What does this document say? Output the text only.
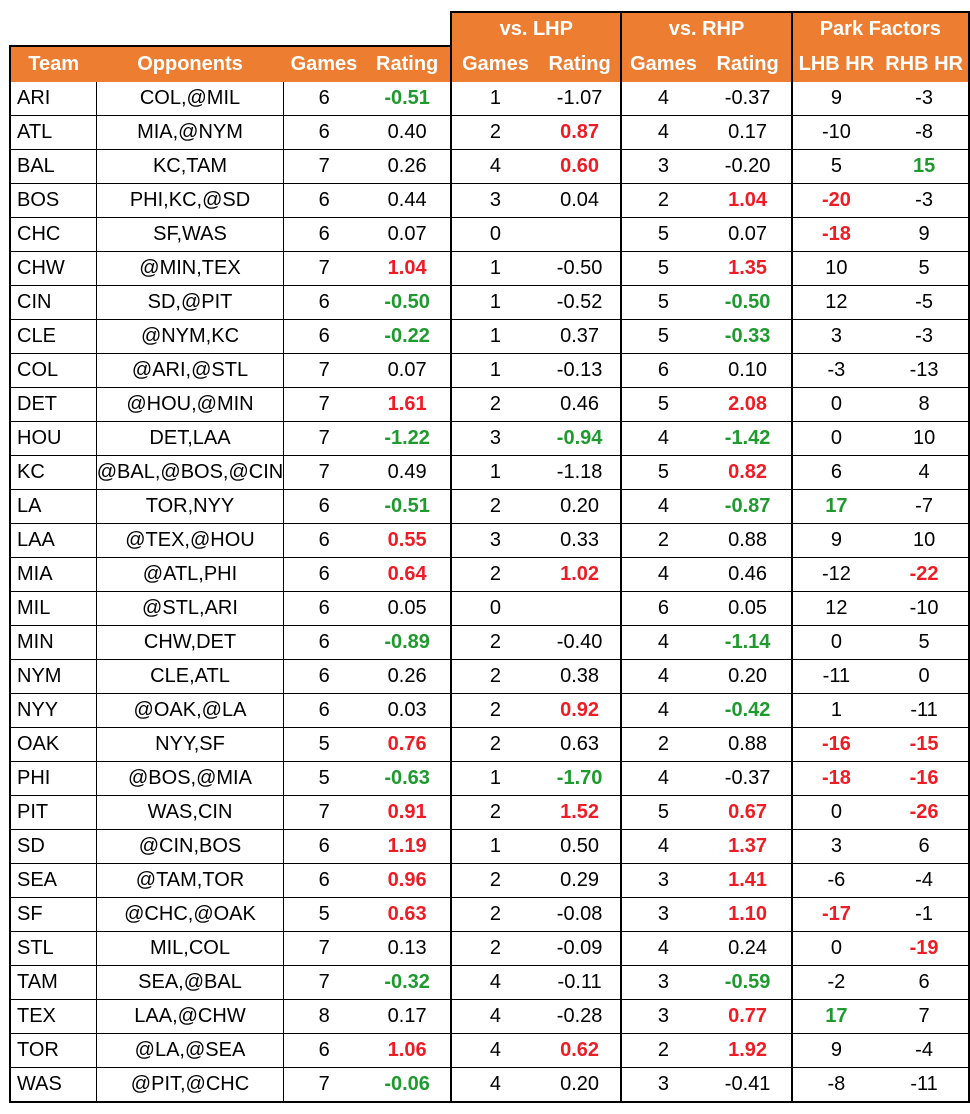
				vs. LHP		vs. RHP		Park Factors	
Team	Opponents	Games	Rating	Games	Rating	Games	Rating	LHB HR	RHB HR
ARI	COL,@MIL	6	-0.51	1	-1.07	4	-0.37	9	-3
ATL	MIA,@NYM	6	0.40	2	0.87	4	0.17	-10	-8
BAL	KC,TAM	7	0.26	4	0.60	3	-0.20	5	15
BOS	PHI,KC,@SD	6	0.44	3	0.04	2	1.04	-20	-3
CHC	SF,WAS	6	0.07	0		5	0.07	-18	9
CHW	@MIN,TEX	7	1.04	1	-0.50	5	1.35	10	5
CIN	SD,@PIT	6	-0.50	1	-0.52	5	-0.50	12	-5
CLE	@NYM,KC	6	-0.22	1	0.37	5	-0.33	3	-3
COL	@ARI,@STL	7	0.07	1	-0.13	6	0.10	-3	-13
DET	@HOU,@MIN	7	1.61	2	0.46	5	2.08	0	8
HOU	DET,LAA	7	-1.22	3	-0.94	4	-1.42	0	10
KC	@BAL,@BOS,@CIN	7	0.49	1	-1.18	5	0.82	6	4
LA	TOR,NYY	6	-0.51	2	0.20	4	-0.87	17	-7
LAA	@TEX,@HOU	6	0.55	3	0.33	2	0.88	9	10
MIA	@ATL,PHI	6	0.64	2	1.02	4	0.46	-12	-22
MIL	@STL,ARI	6	0.05	0		6	0.05	12	-10
MIN	CHW,DET	6	-0.89	2	-0.40	4	-1.14	0	5
NYM	CLE,ATL	6	0.26	2	0.38	4	0.20	-11	0
NYY	@OAK,@LA	6	0.03	2	0.92	4	-0.42	1	-11
OAK	NYY,SF	5	0.76	2	0.63	2	0.88	-16	-15
PHI	@BOS,@MIA	5	-0.63	1	-1.70	4	-0.37	-18	-16
PIT	WAS,CIN	7	0.91	2	1.52	5	0.67	0	-26
SD	@CIN,BOS	6	1.19	1	0.50	4	1.37	3	6
SEA	@TAM,TOR	6	0.96	2	0.29	3	1.41	-6	-4
SF	@CHC,@OAK	5	0.63	2	-0.08	3	1.10	-17	-1
STL	MIL,COL	7	0.13	2	-0.09	4	0.24	0	-19
TAM	SEA,@BAL	7	-0.32	4	-0.11	3	-0.59	-2	6
TEX	LAA,@CHW	8	0.17	4	-0.28	3	0.77	17	7
TOR	@LA,@SEA	6	1.06	4	0.62	2	1.92	9	-4
WAS	@PIT,@CHC	7	-0.06	4	0.20	3	-0.41	-8	-11
